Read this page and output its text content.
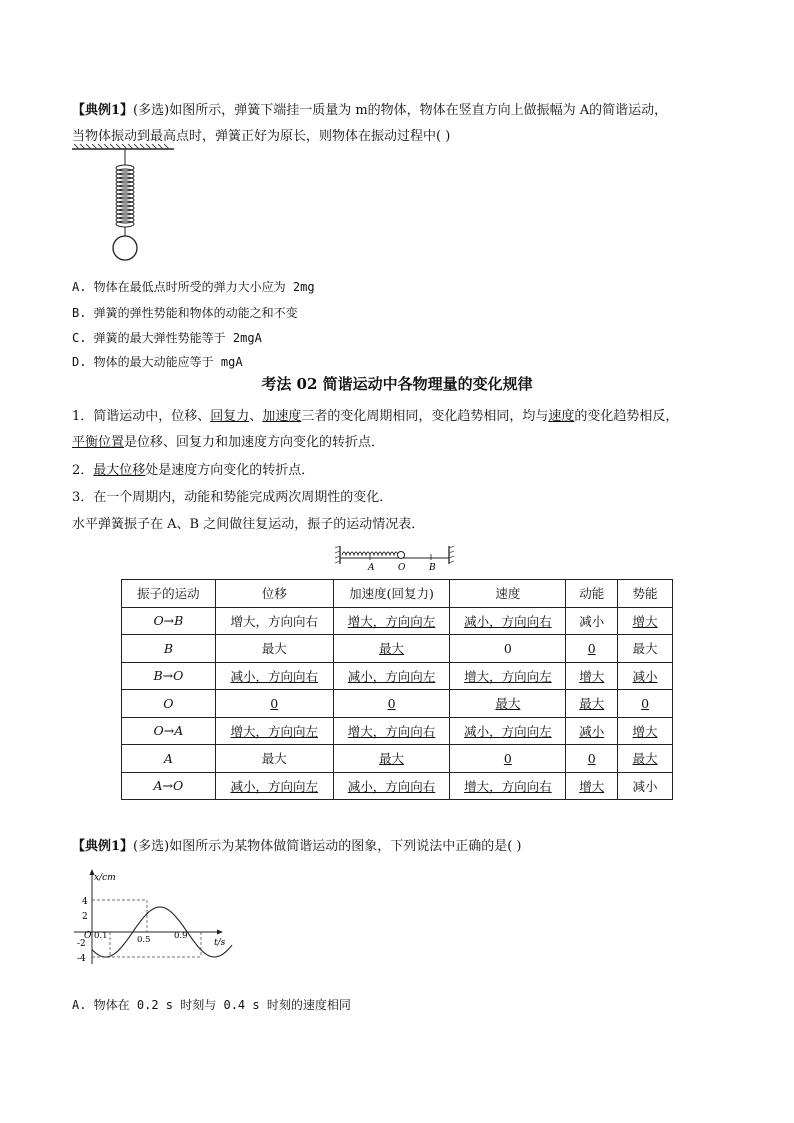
【典例1】(多选)如图所示，弹簧下端挂一质量为 m的物体，物体在竖直方向上做振幅为 A的简谐运动，
当物体振动到最高点时，弹簧正好为原长，则物体在振动过程中( )
A. 物体在最低点时所受的弹力大小应为 2mg
B. 弹簧的弹性势能和物体的动能之和不变
C. 弹簧的最大弹性势能等于 2mgA
D. 物体的最大动能应等于 mgA
考法 02 简谐运动中各物理量的变化规律
1．简谐运动中，位移、回复力、加速度三者的变化周期相同，变化趋势相同，均与速度的变化趋势相反，
平衡位置是位移、回复力和加速度方向变化的转折点．
2．最大位移处是速度方向变化的转折点．
3．在一个周期内，动能和势能完成两次周期性的变化．
水平弹簧振子在 A、B 之间做往复运动，振子的运动情况表．
A	O	B
振子的运动	位移	加速度(回复力)	速度	动能	势能
O→B	增大，方向向右	增大，方向向左	减小，方向向右	减小	增大
B	最大	最大	0	0	最大
B→O	减小，方向向右	减小，方向向左	增大，方向向左	增大	减小
O	0	0	最大	最大	0
O→A	增大，方向向左	增大，方向向右	减小，方向向左	减小	增大
A	最大	最大	0	0	最大
A→O	减小，方向向左	减小，方向向右	增大，方向向右	增大	减小
【典例1】(多选)如图所示为某物体做简谐运动的图象，下列说法中正确的是( )
x/cm
t/s
4
2
-2
-4
O 0.1	0.5	0.9
A. 物体在 0.2 s 时刻与 0.4 s 时刻的速度相同
